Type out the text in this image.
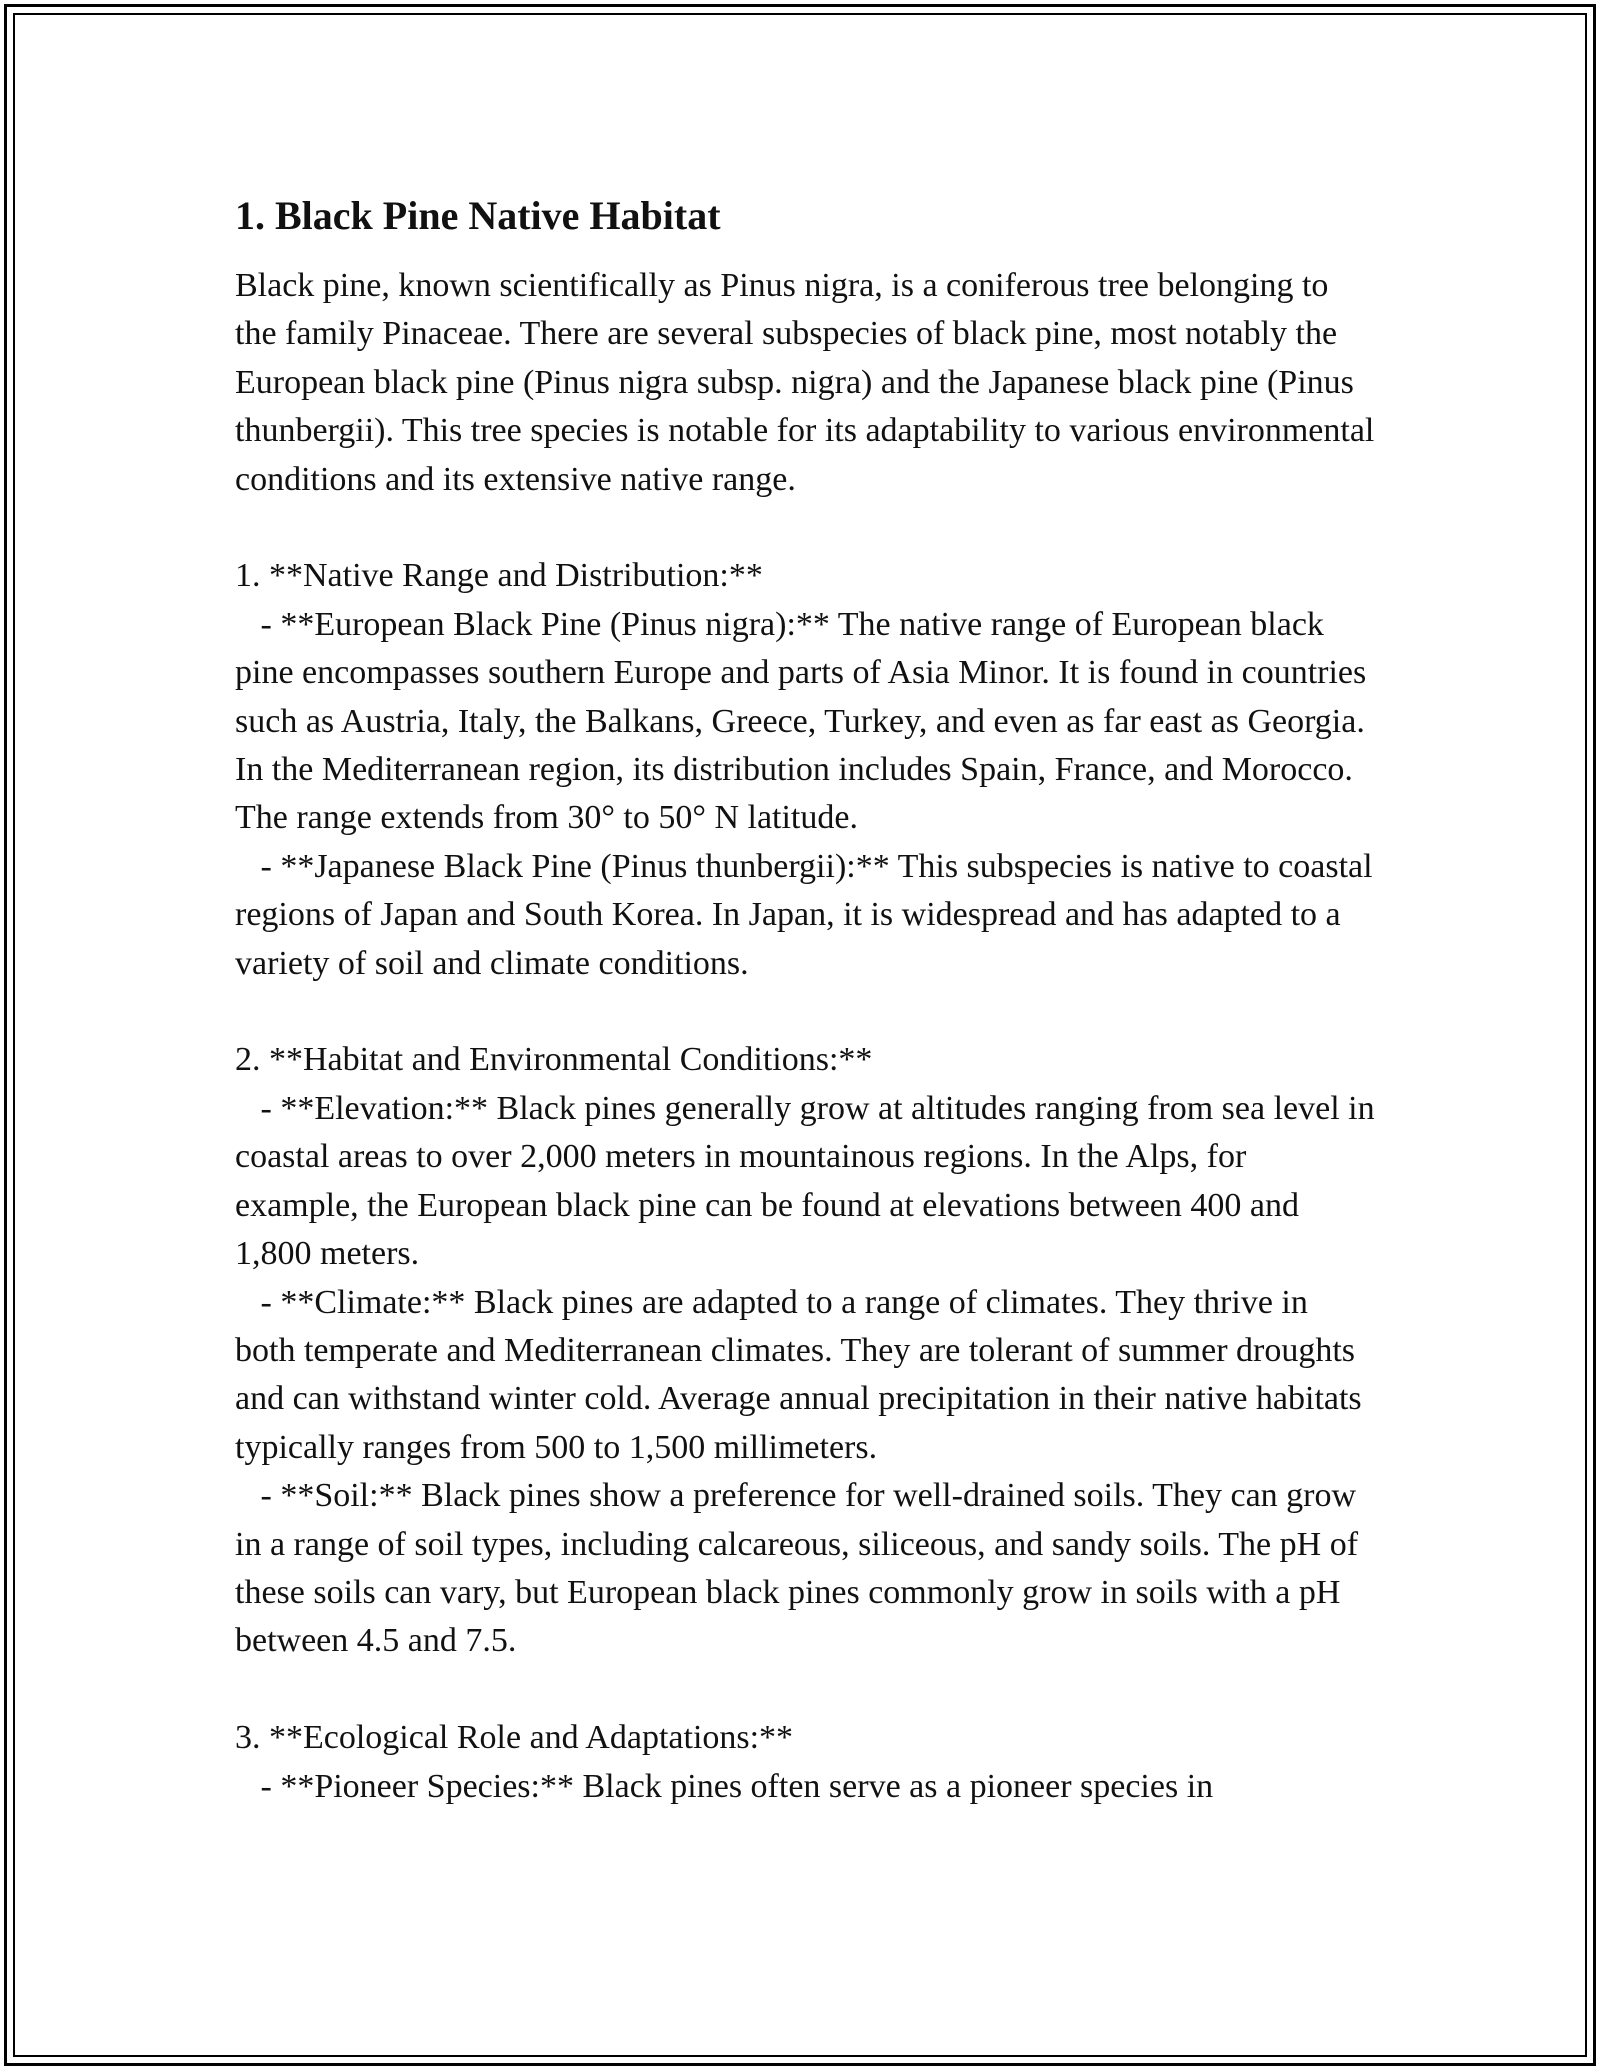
1. Black Pine Native Habitat

Black pine, known scientifically as Pinus nigra, is a coniferous tree belonging to the family Pinaceae. There are several subspecies of black pine, most notably the European black pine (Pinus nigra subsp. nigra) and the Japanese black pine (Pinus thunbergii). This tree species is notable for its adaptability to various environmental conditions and its extensive native range.

1. **Native Range and Distribution:**

- **European Black Pine (Pinus nigra):** The native range of European black pine encompasses southern Europe and parts of Asia Minor. It is found in countries such as Austria, Italy, the Balkans, Greece, Turkey, and even as far east as Georgia. In the Mediterranean region, its distribution includes Spain, France, and Morocco. The range extends from 30° to 50° N latitude.

- **Japanese Black Pine (Pinus thunbergii):** This subspecies is native to coastal regions of Japan and South Korea. In Japan, it is widespread and has adapted to a variety of soil and climate conditions.

2. **Habitat and Environmental Conditions:**

- **Elevation:** Black pines generally grow at altitudes ranging from sea level in coastal areas to over 2,000 meters in mountainous regions. In the Alps, for example, the European black pine can be found at elevations between 400 and 1,800 meters.

- **Climate:** Black pines are adapted to a range of climates. They thrive in both temperate and Mediterranean climates. They are tolerant of summer droughts and can withstand winter cold. Average annual precipitation in their native habitats typically ranges from 500 to 1,500 millimeters.

- **Soil:** Black pines show a preference for well-drained soils. They can grow in a range of soil types, including calcareous, siliceous, and sandy soils. The pH of these soils can vary, but European black pines commonly grow in soils with a pH between 4.5 and 7.5.

3. **Ecological Role and Adaptations:**

- **Pioneer Species:** Black pines often serve as a pioneer species in
